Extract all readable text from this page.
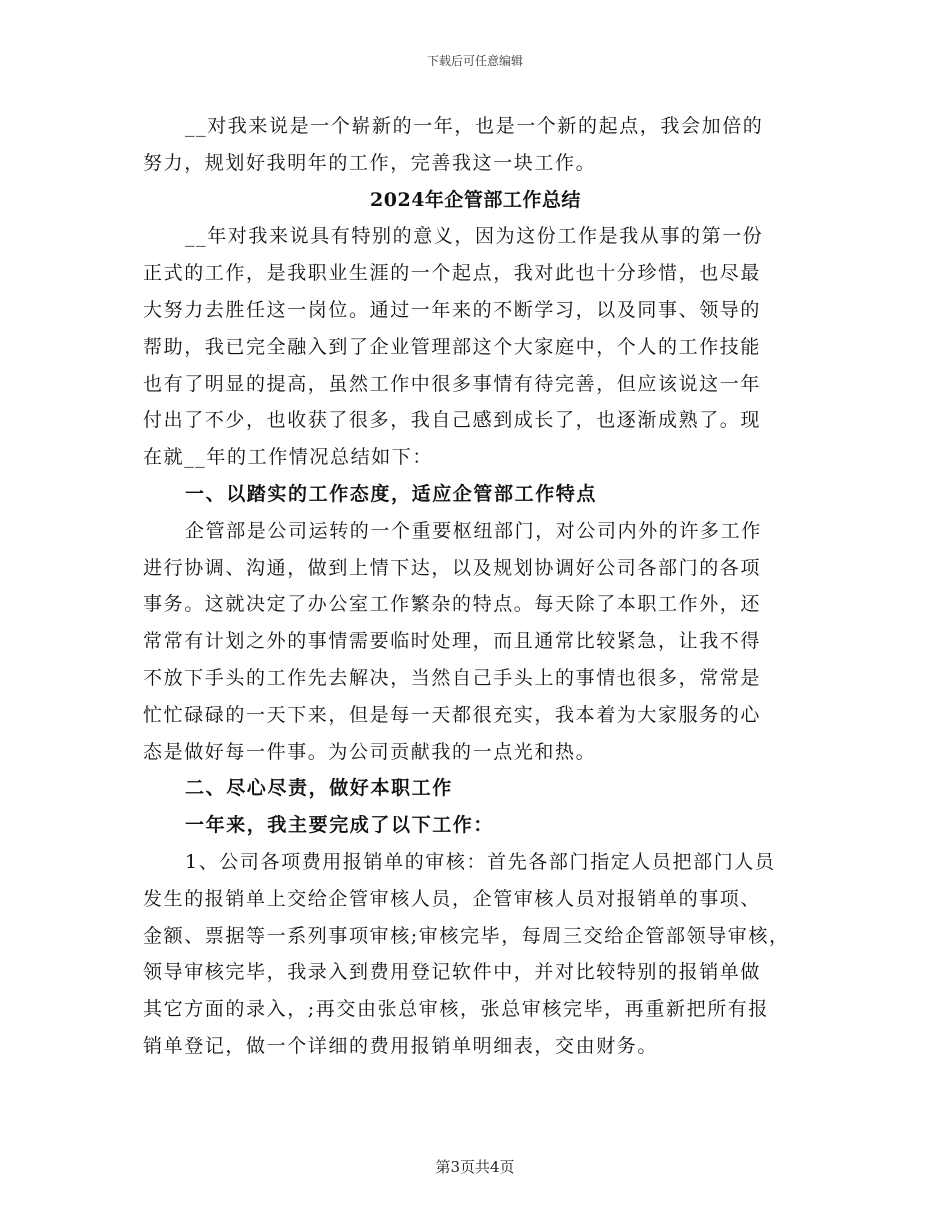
下载后可任意编辑
__对我来说是一个崭新的一年，也是一个新的起点，我会加倍的
努力，规划好我明年的工作，完善我这一块工作。
2024年企管部工作总结
__年对我来说具有特别的意义，因为这份工作是我从事的第一份
正式的工作，是我职业生涯的一个起点，我对此也十分珍惜，也尽最
大努力去胜任这一岗位。通过一年来的不断学习，以及同事、领导的
帮助，我已完全融入到了企业管理部这个大家庭中，个人的工作技能
也有了明显的提高，虽然工作中很多事情有待完善，但应该说这一年
付出了不少，也收获了很多，我自己感到成长了，也逐渐成熟了。现
在就__年的工作情况总结如下：
一、以踏实的工作态度，适应企管部工作特点
企管部是公司运转的一个重要枢纽部门，对公司内外的许多工作
进行协调、沟通，做到上情下达，以及规划协调好公司各部门的各项
事务。这就决定了办公室工作繁杂的特点。每天除了本职工作外，还
常常有计划之外的事情需要临时处理，而且通常比较紧急，让我不得
不放下手头的工作先去解决，当然自己手头上的事情也很多，常常是
忙忙碌碌的一天下来，但是每一天都很充实，我本着为大家服务的心
态是做好每一件事。为公司贡献我的一点光和热。
二、尽心尽责，做好本职工作
一年来，我主要完成了以下工作：
1、公司各项费用报销单的审核：首先各部门指定人员把部门人员
发生的报销单上交给企管审核人员，企管审核人员对报销单的事项、
金额、票据等一系列事项审核;审核完毕，每周三交给企管部领导审核，
领导审核完毕，我录入到费用登记软件中，并对比较特别的报销单做
其它方面的录入，;再交由张总审核，张总审核完毕，再重新把所有报
销单登记，做一个详细的费用报销单明细表，交由财务。
第3页共4页
